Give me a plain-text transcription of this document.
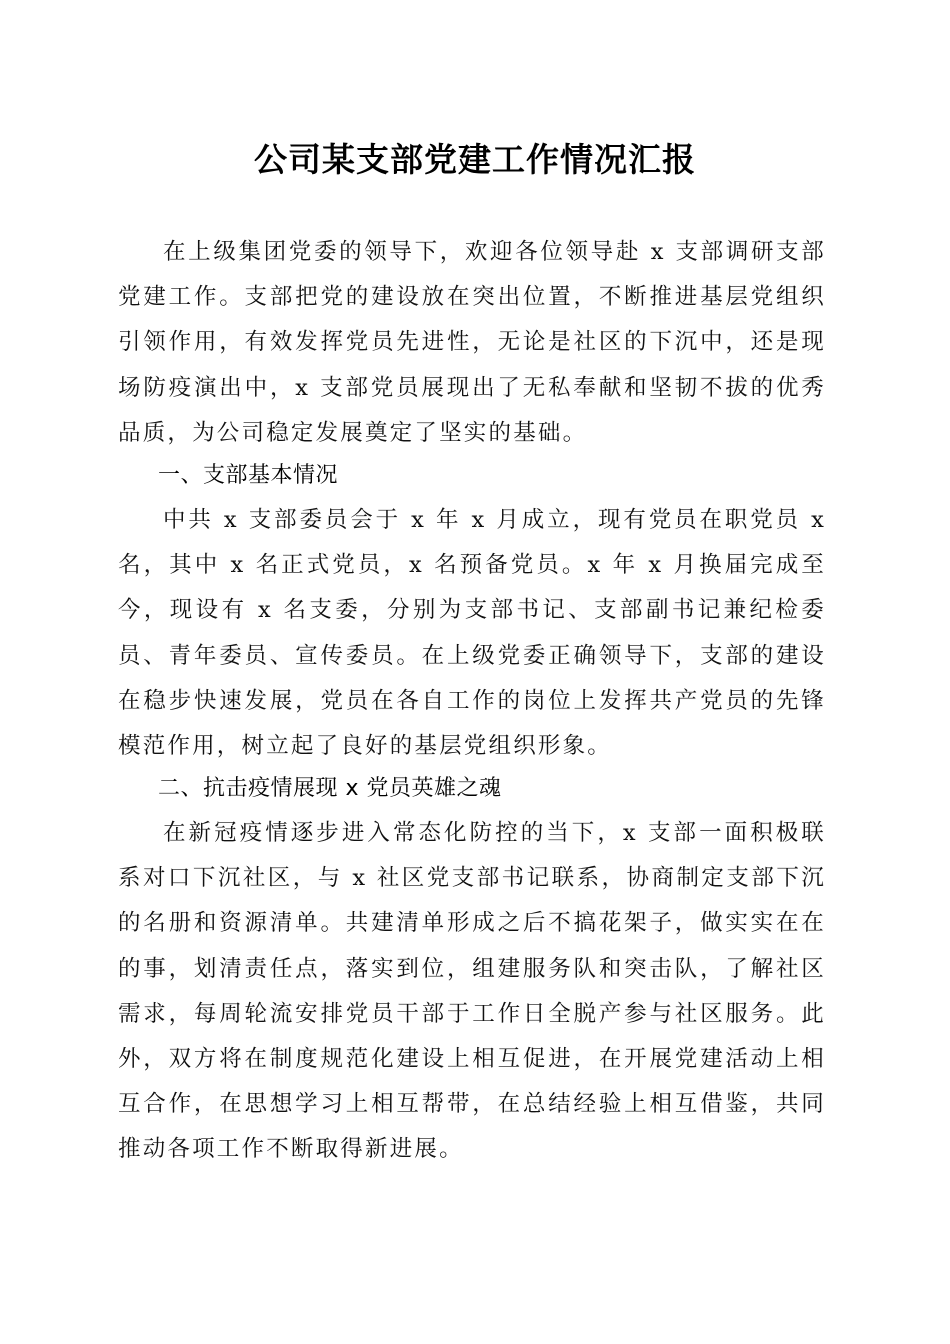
公司某支部党建工作情况汇报

在上级集团党委的领导下，欢迎各位领导赴 x 支部调研支部党建工作。支部把党的建设放在突出位置，不断推进基层党组织引领作用，有效发挥党员先进性，无论是社区的下沉中，还是现场防疫演出中，x 支部党员展现出了无私奉献和坚韧不拔的优秀品质，为公司稳定发展奠定了坚实的基础。

一、支部基本情况

中共 x 支部委员会于 x 年 x 月成立，现有党员在职党员 x 名，其中 x 名正式党员，x 名预备党员。x 年 x 月换届完成至今，现设有 x 名支委，分别为支部书记、支部副书记兼纪检委员、青年委员、宣传委员。在上级党委正确领导下，支部的建设在稳步快速发展，党员在各自工作的岗位上发挥共产党员的先锋模范作用，树立起了良好的基层党组织形象。

二、抗击疫情展现 x 党员英雄之魂

在新冠疫情逐步进入常态化防控的当下，x 支部一面积极联系对口下沉社区，与 x 社区党支部书记联系，协商制定支部下沉的名册和资源清单。共建清单形成之后不搞花架子，做实实在在的事，划清责任点，落实到位，组建服务队和突击队，了解社区需求，每周轮流安排党员干部于工作日全脱产参与社区服务。此外，双方将在制度规范化建设上相互促进，在开展党建活动上相互合作，在思想学习上相互帮带，在总结经验上相互借鉴，共同推动各项工作不断取得新进展。
